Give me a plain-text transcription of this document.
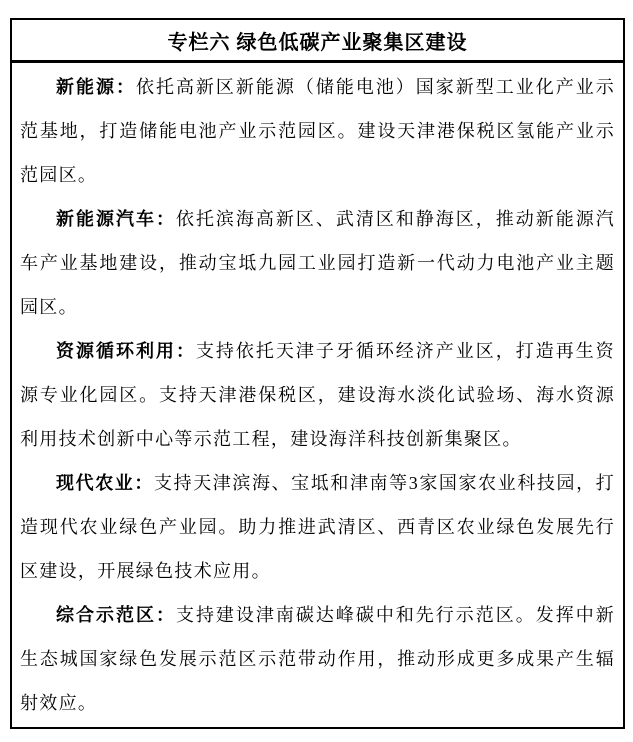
专栏六 绿色低碳产业聚集区建设

新能源：依托高新区新能源（储能电池）国家新型工业化产业示范基地，打造储能电池产业示范园区。建设天津港保税区氢能产业示范园区。

新能源汽车：依托滨海高新区、武清区和静海区，推动新能源汽车产业基地建设，推动宝坻九园工业园打造新一代动力电池产业主题园区。

资源循环利用：支持依托天津子牙循环经济产业区，打造再生资源专业化园区。支持天津港保税区，建设海水淡化试验场、海水资源利用技术创新中心等示范工程，建设海洋科技创新集聚区。

现代农业：支持天津滨海、宝坻和津南等3家国家农业科技园，打造现代农业绿色产业园。助力推进武清区、西青区农业绿色发展先行区建设，开展绿色技术应用。

综合示范区：支持建设津南碳达峰碳中和先行示范区。发挥中新生态城国家绿色发展示范区示范带动作用，推动形成更多成果产生辐射效应。
